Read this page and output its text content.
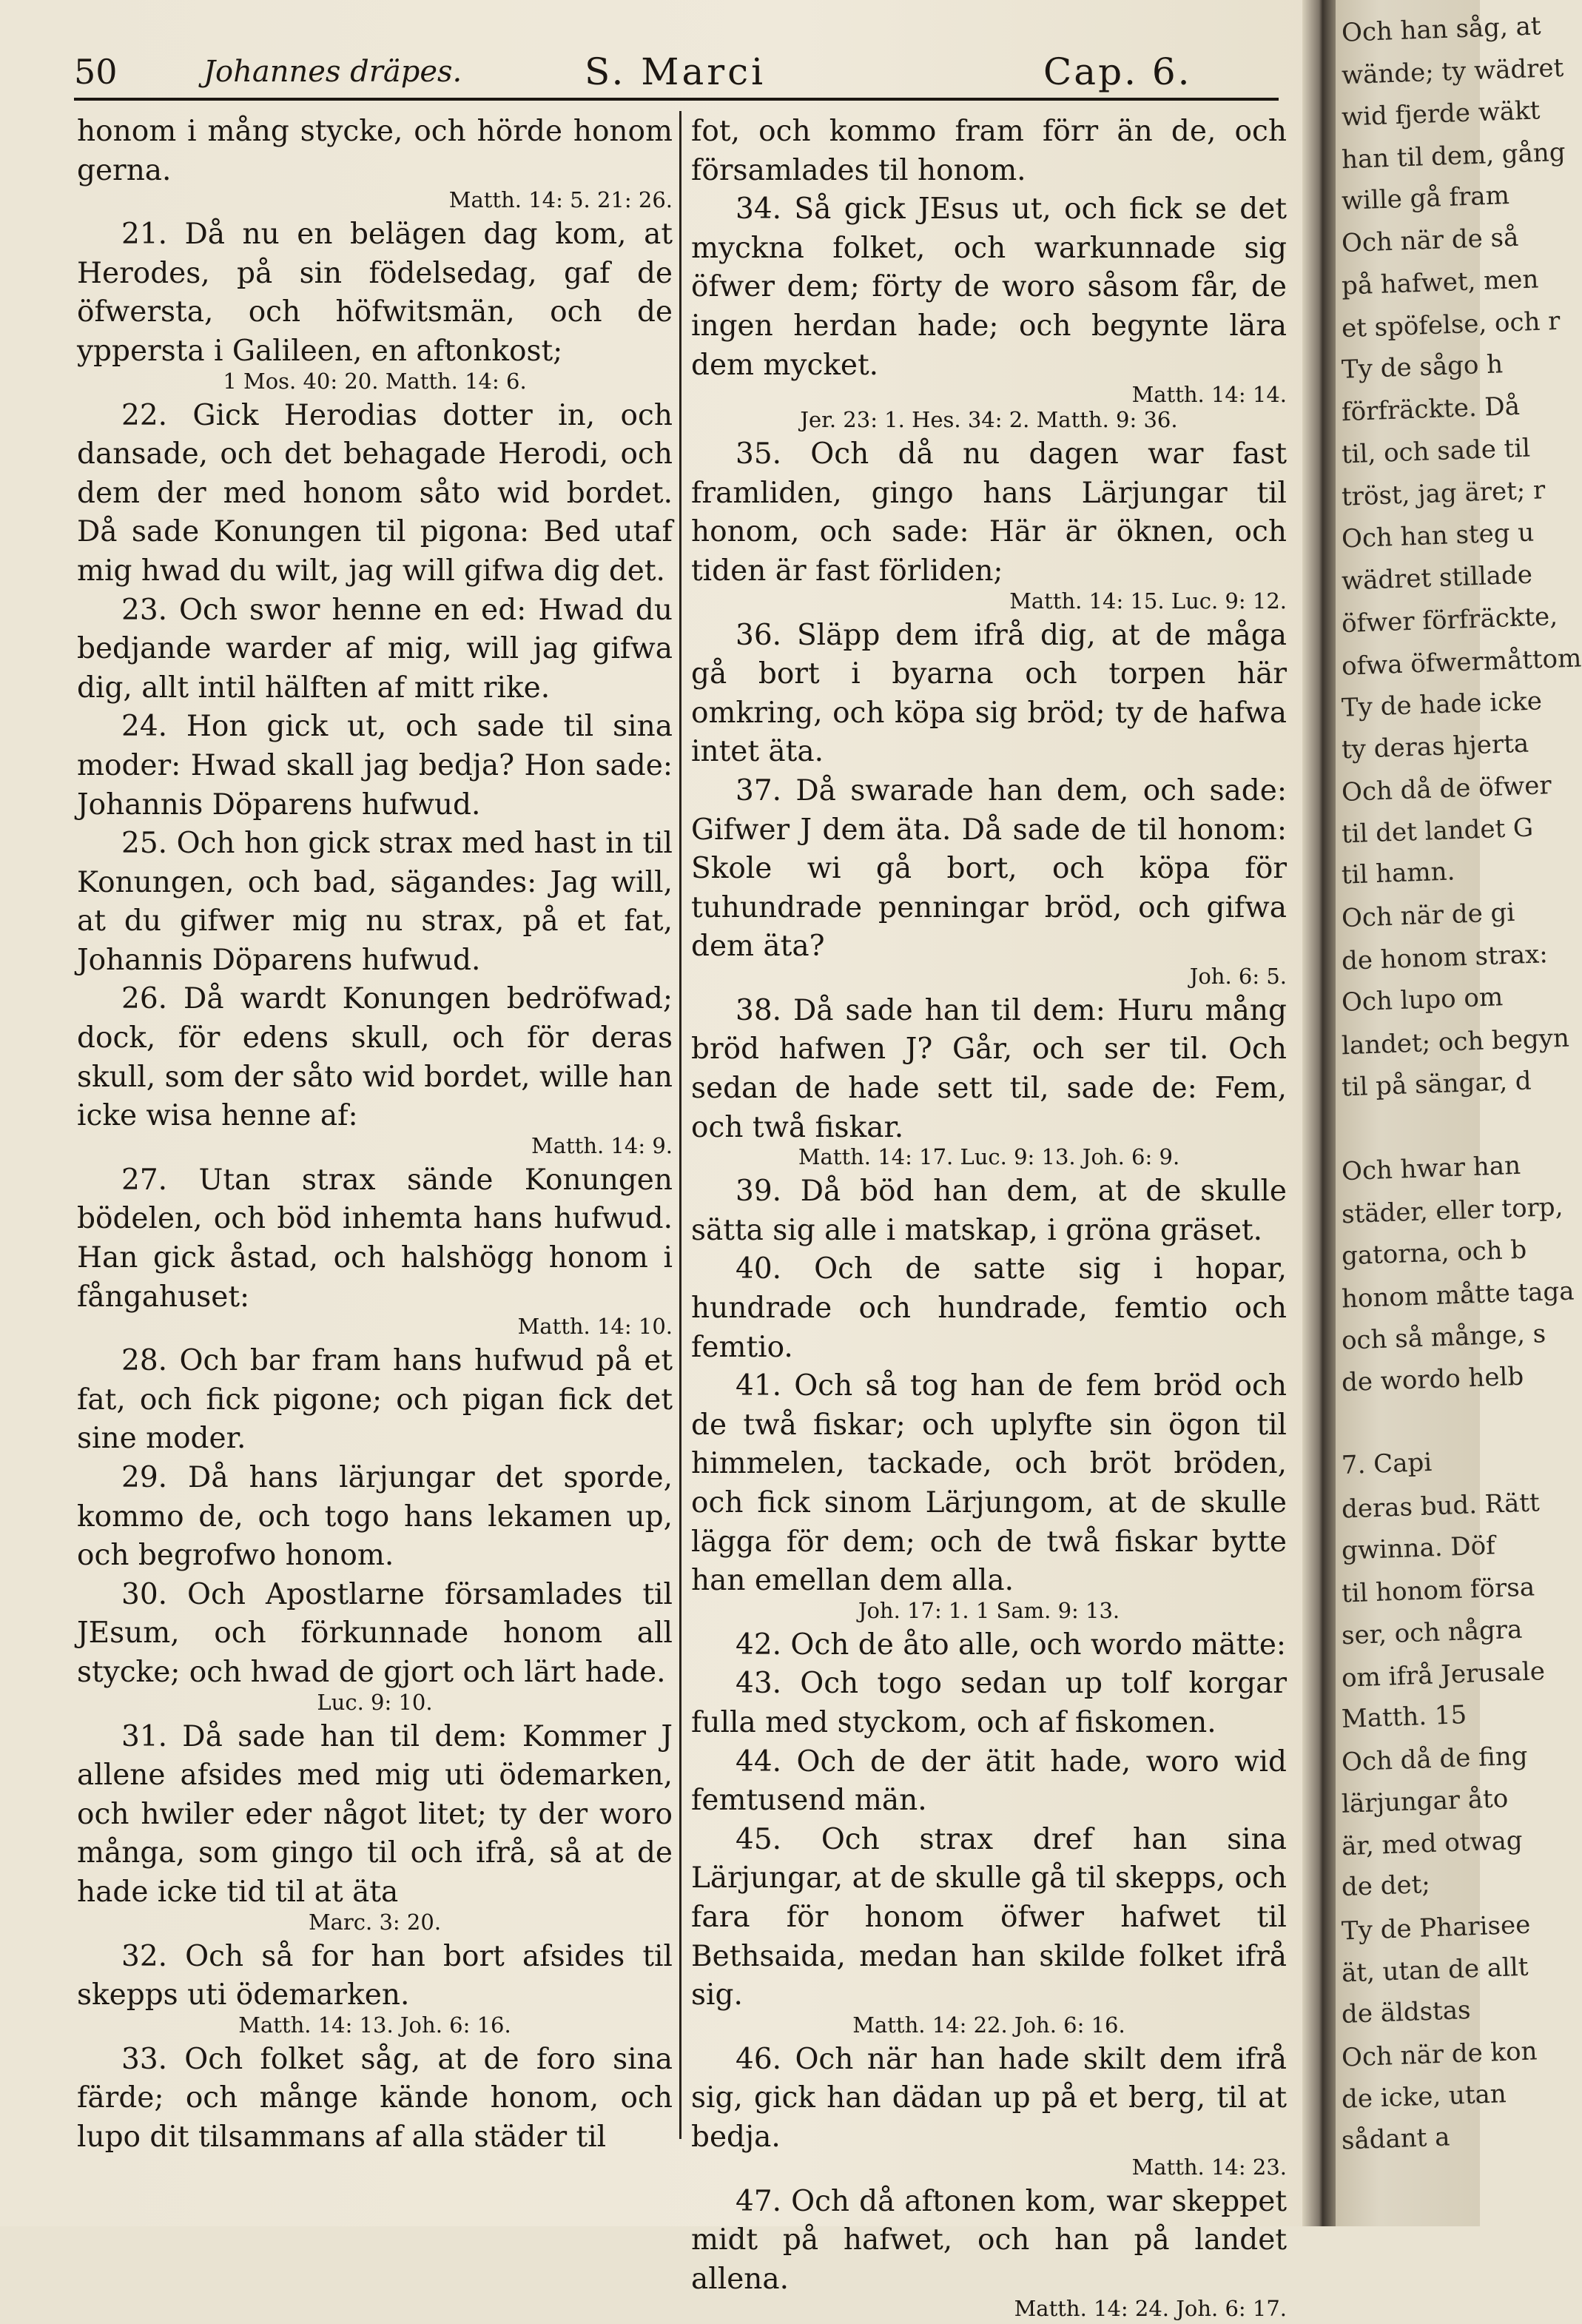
50	Johannes dräpes.	S. Marci	Cap. 6.

honom i mång stycke, och hörde honom gerna.

Matth. 14: 5. 21: 26.

21. Då nu en belägen dag kom, at Herodes, på sin födelsedag, gaf de öfwersta, och höfwitsmän, och de yppersta i Galileen, en aftonkost;

1 Mos. 40: 20. Matth. 14: 6.

22. Gick Herodias dotter in, och dansade, och det behagade Herodi, och dem der med honom såto wid bordet. Då sade Konungen til pigona: Bed utaf mig hwad du wilt, jag will gifwa dig det.

23. Och swor henne en ed: Hwad du bedjande warder af mig, will jag gifwa dig, allt intil hälften af mitt rike.

24. Hon gick ut, och sade til sina moder: Hwad skall jag bedja? Hon sade: Johannis Döparens hufwud.

25. Och hon gick strax med hast in til Konungen, och bad, sägandes: Jag will, at du gifwer mig nu strax, på et fat, Johannis Döparens hufwud.

26. Då wardt Konungen bedröfwad; dock, för edens skull, och för deras skull, som der såto wid bordet, wille han icke wisa henne af:

Matth. 14: 9.

27. Utan strax sände Konungen bödelen, och böd inhemta hans hufwud. Han gick åstad, och halshögg honom i fångahuset:

Matth. 14: 10.

28. Och bar fram hans hufwud på et fat, och fick pigone; och pigan fick det sine moder.

29. Då hans lärjungar det sporde, kommo de, och togo hans lekamen up, och begrofwo honom.

30. Och Apostlarne församlades til JEsum, och förkunnade honom all stycke; och hwad de gjort och lärt hade.

Luc. 9: 10.

31. Då sade han til dem: Kommer J allene afsides med mig uti ödemarken, och hwiler eder något litet; ty der woro många, som gingo til och ifrå, så at de hade icke tid til at äta

Marc. 3: 20.

32. Och så for han bort afsides til skepps uti ödemarken.

Matth. 14: 13. Joh. 6: 16.

33. Och folket såg, at de foro sina färde; och månge kände honom, och lupo dit tilsammans af alla städer til

fot, och kommo fram förr än de, och församlades til honom.

34. Så gick JEsus ut, och fick se det myckna folket, och warkunnade sig öfwer dem; förty de woro såsom får, de ingen herdan hade; och begynte lära dem mycket.

Matth. 14: 14.

Jer. 23: 1. Hes. 34: 2. Matth. 9: 36.

35. Och då nu dagen war fast framliden, gingo hans Lärjungar til honom, och sade: Här är öknen, och tiden är fast förliden;

Matth. 14: 15. Luc. 9: 12.

36. Släpp dem ifrå dig, at de måga gå bort i byarna och torpen här omkring, och köpa sig bröd; ty de hafwa intet äta.

37. Då swarade han dem, och sade: Gifwer J dem äta. Då sade de til honom: Skole wi gå bort, och köpa för tuhundrade penningar bröd, och gifwa dem äta?

Joh. 6: 5.

38. Då sade han til dem: Huru mång bröd hafwen J? Går, och ser til. Och sedan de hade sett til, sade de: Fem, och twå fiskar.

Matth. 14: 17. Luc. 9: 13. Joh. 6: 9.

39. Då böd han dem, at de skulle sätta sig alle i matskap, i gröna gräset.

40. Och de satte sig i hopar, hundrade och hundrade, femtio och femtio.

41. Och så tog han de fem bröd och de twå fiskar; och uplyfte sin ögon til himmelen, tackade, och bröt bröden, och fick sinom Lärjungom, at de skulle lägga för dem; och de twå fiskar bytte han emellan dem alla.

Joh. 17: 1. 1 Sam. 9: 13.

42. Och de åto alle, och wordo mätte:

43. Och togo sedan up tolf korgar fulla med styckom, och af fiskomen.

44. Och de der ätit hade, woro wid femtusend män.

45. Och strax dref han sina Lärjungar, at de skulle gå til skepps, och fara för honom öfwer hafwet til Bethsaida, medan han skilde folket ifrå sig.

Matth. 14: 22. Joh. 6: 16.

46. Och när han hade skilt dem ifrå sig, gick han dädan up på et berg, til at bedja.

Matth. 14: 23.

47. Och då aftonen kom, war skeppet midt på hafwet, och han på landet allena.

Matth. 14: 24. Joh. 6: 17.

Och han såg, at
wände; ty wädret
wid fjerde wäkt
han til dem, gång
wille gå fram
Och när de så
på hafwet, men
et spöfelse, och r
Ty de sågo h
förfräckte. Då
til, och sade til
tröst, jag äret; r
Och han steg u
wädret stillade
öfwer förfräckte,
ofwa öfwermåttom
Ty de hade icke
ty deras hjerta
Och då de öfwer
til det landet G
til hamn.
Och när de gi
de honom strax:
Och lupo om
landet; och begyn
til på sängar, d
Och hwar han
städer, eller torp,
gatorna, och b
honom måtte taga
och så månge, s
de wordo helb
7. Capi
deras bud. Rätt
gwinna. Döf
til honom försa
ser, och några
om ifrå Jerusale
Matth. 15
Och då de fing
lärjungar åto
är, med otwag
de det;
Ty de Pharisee
ät, utan de allt
de äldstas
Och när de kon
de icke, utan
sådant a
